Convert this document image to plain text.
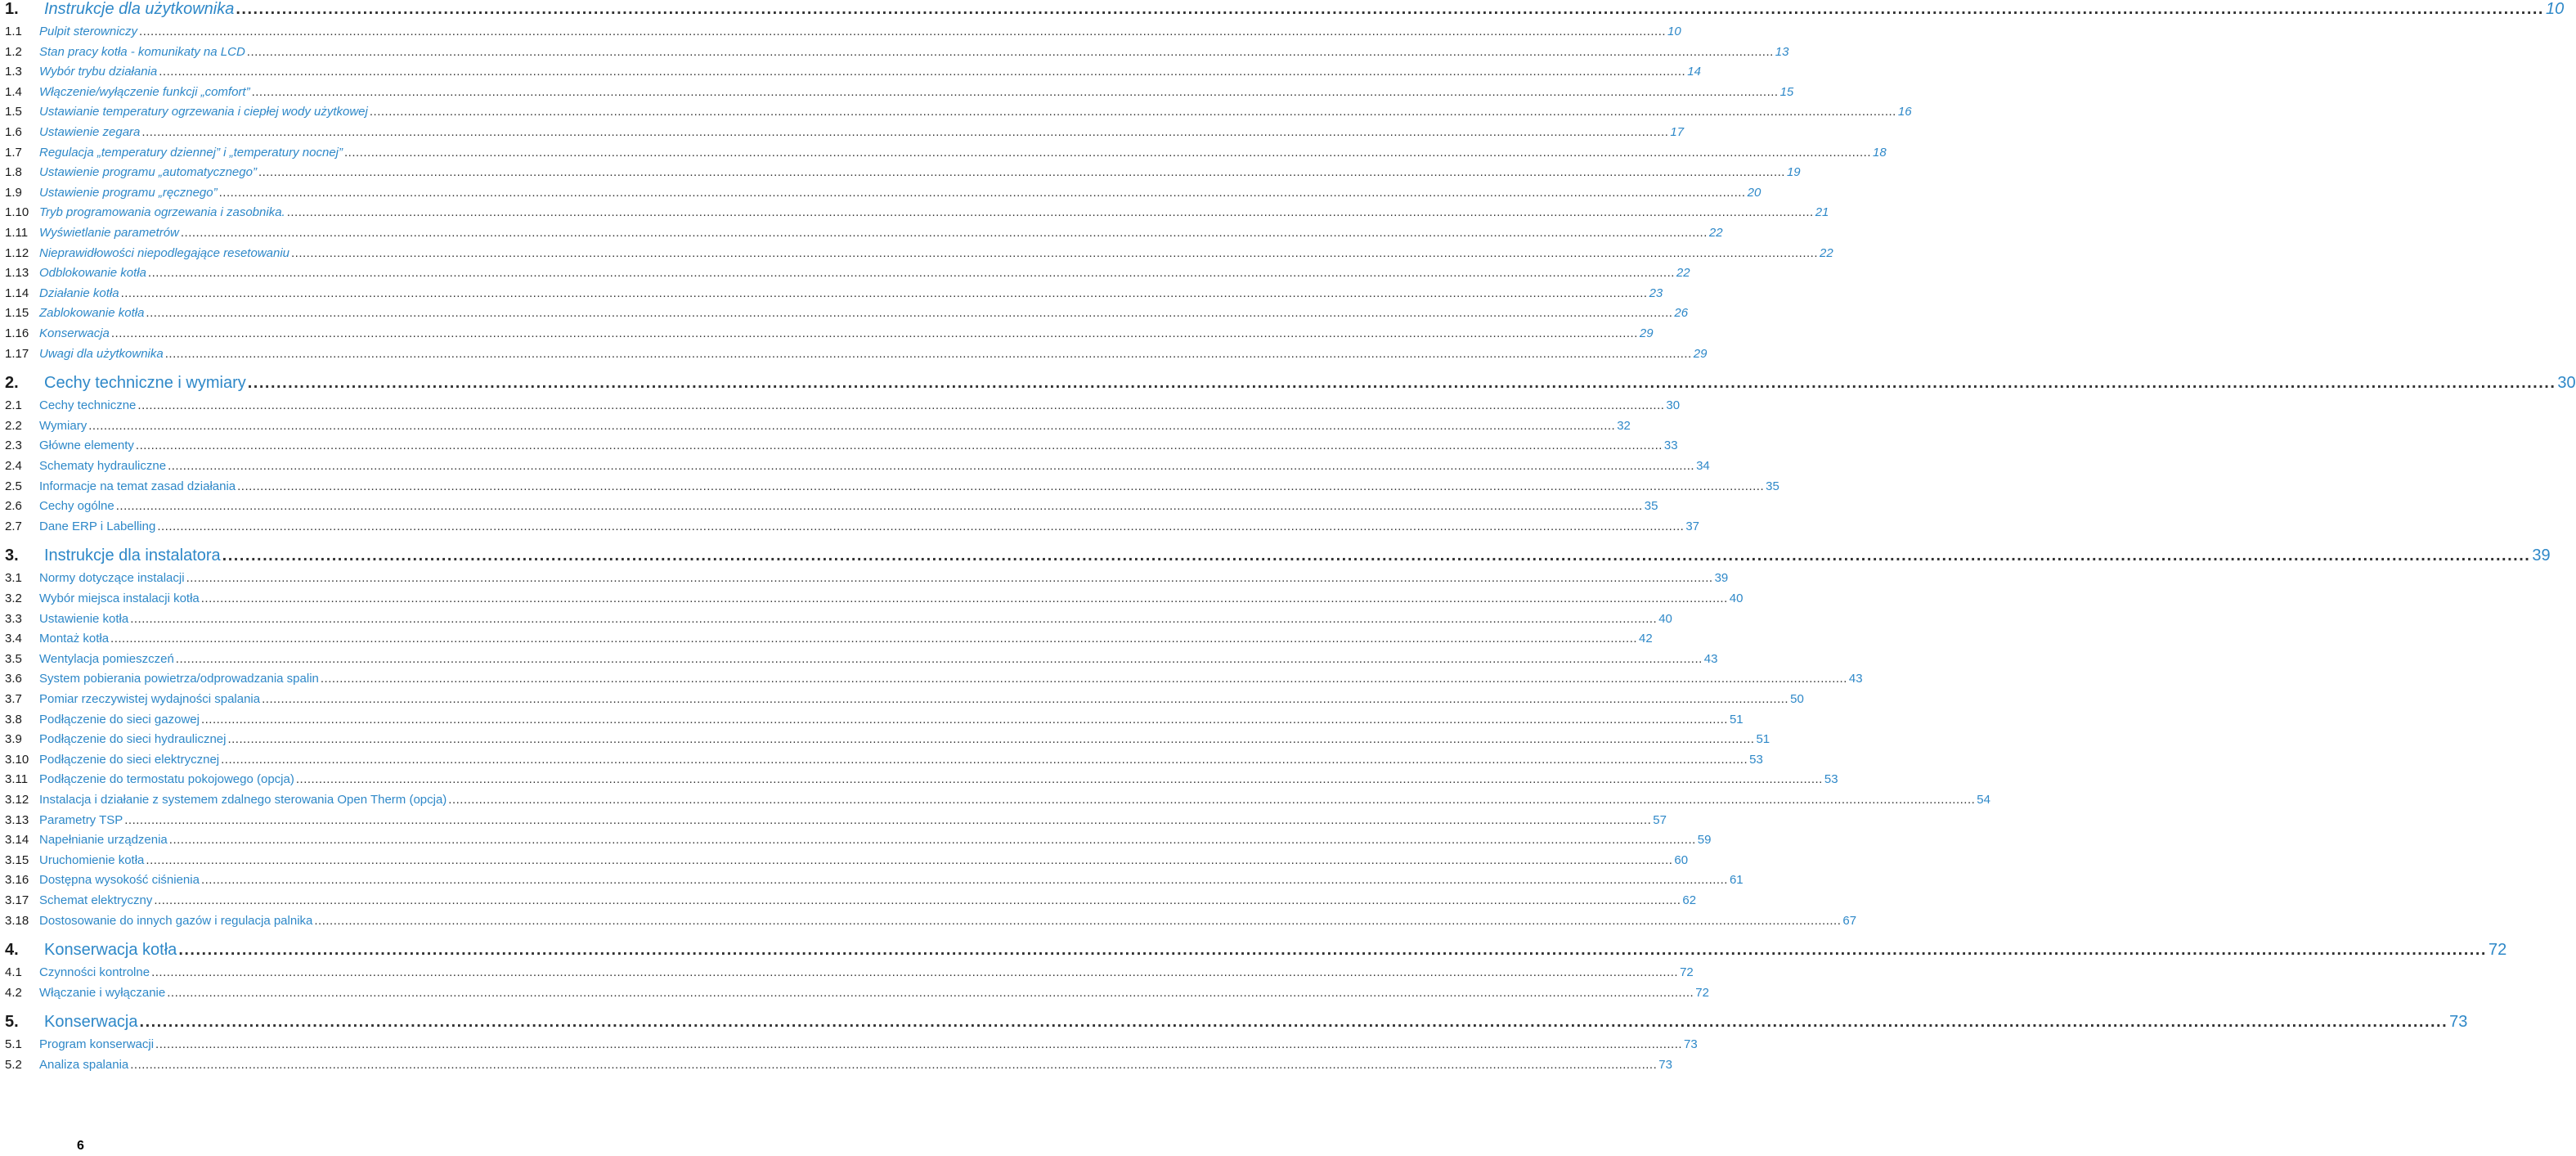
1.	Instrukcje dla użytkownika ................................................................................................................................................................................................................................................................................................................................................................................................................ 10
1.1	Pulpit sterowniczy ................................................................................................................................................................................................................................................................................................................................................................................................................ 10
1.2	Stan pracy kotła - komunikaty na LCD ................................................................................................................................................................................................................................................................................................................................................................................................................ 13
1.3	Wybór trybu działania ................................................................................................................................................................................................................................................................................................................................................................................................................ 14
1.4	Włączenie/wyłączenie funkcji „comfort” ................................................................................................................................................................................................................................................................................................................................................................................................................ 15
1.5	Ustawianie temperatury ogrzewania i ciepłej wody użytkowej ................................................................................................................................................................................................................................................................................................................................................................................................................ 16
1.6	Ustawienie zegara ................................................................................................................................................................................................................................................................................................................................................................................................................ 17
1.7	Regulacja „temperatury dziennej” i „temperatury nocnej” ................................................................................................................................................................................................................................................................................................................................................................................................................ 18
1.8	Ustawienie programu „automatycznego” ................................................................................................................................................................................................................................................................................................................................................................................................................ 19
1.9	Ustawienie programu „ręcznego” ................................................................................................................................................................................................................................................................................................................................................................................................................ 20
1.10 Tryb programowania ogrzewania i zasobnika. ................................................................................................................................................................................................................................................................................................................................................................................................................ 21
1.11 Wyświetlanie parametrów ................................................................................................................................................................................................................................................................................................................................................................................................................ 22
1.12 Nieprawidłowości niepodlegające resetowaniu ................................................................................................................................................................................................................................................................................................................................................................................................................ 22
1.13 Odblokowanie kotła ................................................................................................................................................................................................................................................................................................................................................................................................................ 22
1.14 Działanie kotła ................................................................................................................................................................................................................................................................................................................................................................................................................ 23
1.15 Zablokowanie kotła ................................................................................................................................................................................................................................................................................................................................................................................................................ 26
1.16 Konserwacja ................................................................................................................................................................................................................................................................................................................................................................................................................ 29
1.17 Uwagi dla użytkownika ................................................................................................................................................................................................................................................................................................................................................................................................................ 29
2.	Cechy techniczne i wymiary ................................................................................................................................................................................................................................................................................................................................................................................................................ 30
2.1	Cechy techniczne ................................................................................................................................................................................................................................................................................................................................................................................................................ 30
2.2	Wymiary ................................................................................................................................................................................................................................................................................................................................................................................................................ 32
2.3	Główne elementy ................................................................................................................................................................................................................................................................................................................................................................................................................ 33
2.4	Schematy hydrauliczne ................................................................................................................................................................................................................................................................................................................................................................................................................ 34
2.5	Informacje na temat zasad działania ................................................................................................................................................................................................................................................................................................................................................................................................................ 35
2.6	Cechy ogólne ................................................................................................................................................................................................................................................................................................................................................................................................................ 35
2.7	Dane ERP i Labelling ................................................................................................................................................................................................................................................................................................................................................................................................................ 37
3.	Instrukcje dla instalatora ................................................................................................................................................................................................................................................................................................................................................................................................................ 39
3.1	Normy dotyczące instalacji ................................................................................................................................................................................................................................................................................................................................................................................................................ 39
3.2	Wybór miejsca instalacji kotła ................................................................................................................................................................................................................................................................................................................................................................................................................ 40
3.3	Ustawienie kotła ................................................................................................................................................................................................................................................................................................................................................................................................................ 40
3.4	Montaż kotła ................................................................................................................................................................................................................................................................................................................................................................................................................ 42
3.5	Wentylacja pomieszczeń ................................................................................................................................................................................................................................................................................................................................................................................................................ 43
3.6	System pobierania powietrza/odprowadzania spalin ................................................................................................................................................................................................................................................................................................................................................................................................................ 43
3.7	Pomiar rzeczywistej wydajności spalania ................................................................................................................................................................................................................................................................................................................................................................................................................ 50
3.8	Podłączenie do sieci gazowej ................................................................................................................................................................................................................................................................................................................................................................................................................ 51
3.9	Podłączenie do sieci hydraulicznej ................................................................................................................................................................................................................................................................................................................................................................................................................ 51
3.10 Podłączenie do sieci elektrycznej ................................................................................................................................................................................................................................................................................................................................................................................................................ 53
3.11 Podłączenie do termostatu pokojowego (opcja) ................................................................................................................................................................................................................................................................................................................................................................................................................ 53
3.12 Instalacja i działanie z systemem zdalnego sterowania Open Therm (opcja) ................................................................................................................................................................................................................................................................................................................................................................................................................ 54
3.13 Parametry TSP ................................................................................................................................................................................................................................................................................................................................................................................................................ 57
3.14 Napełnianie urządzenia ................................................................................................................................................................................................................................................................................................................................................................................................................ 59
3.15 Uruchomienie kotła ................................................................................................................................................................................................................................................................................................................................................................................................................ 60
3.16 Dostępna wysokość ciśnienia ................................................................................................................................................................................................................................................................................................................................................................................................................ 61
3.17 Schemat elektryczny ................................................................................................................................................................................................................................................................................................................................................................................................................ 62
3.18 Dostosowanie do innych gazów i regulacja palnika ................................................................................................................................................................................................................................................................................................................................................................................................................ 67
4.	Konserwacja kotła ................................................................................................................................................................................................................................................................................................................................................................................................................ 72
4.1	Czynności kontrolne ................................................................................................................................................................................................................................................................................................................................................................................................................ 72
4.2	Włączanie i wyłączanie ................................................................................................................................................................................................................................................................................................................................................................................................................ 72
5.	Konserwacja ................................................................................................................................................................................................................................................................................................................................................................................................................ 73
5.1	Program konserwacji ................................................................................................................................................................................................................................................................................................................................................................................................................ 73
5.2	Analiza spalania ................................................................................................................................................................................................................................................................................................................................................................................................................ 73
6
